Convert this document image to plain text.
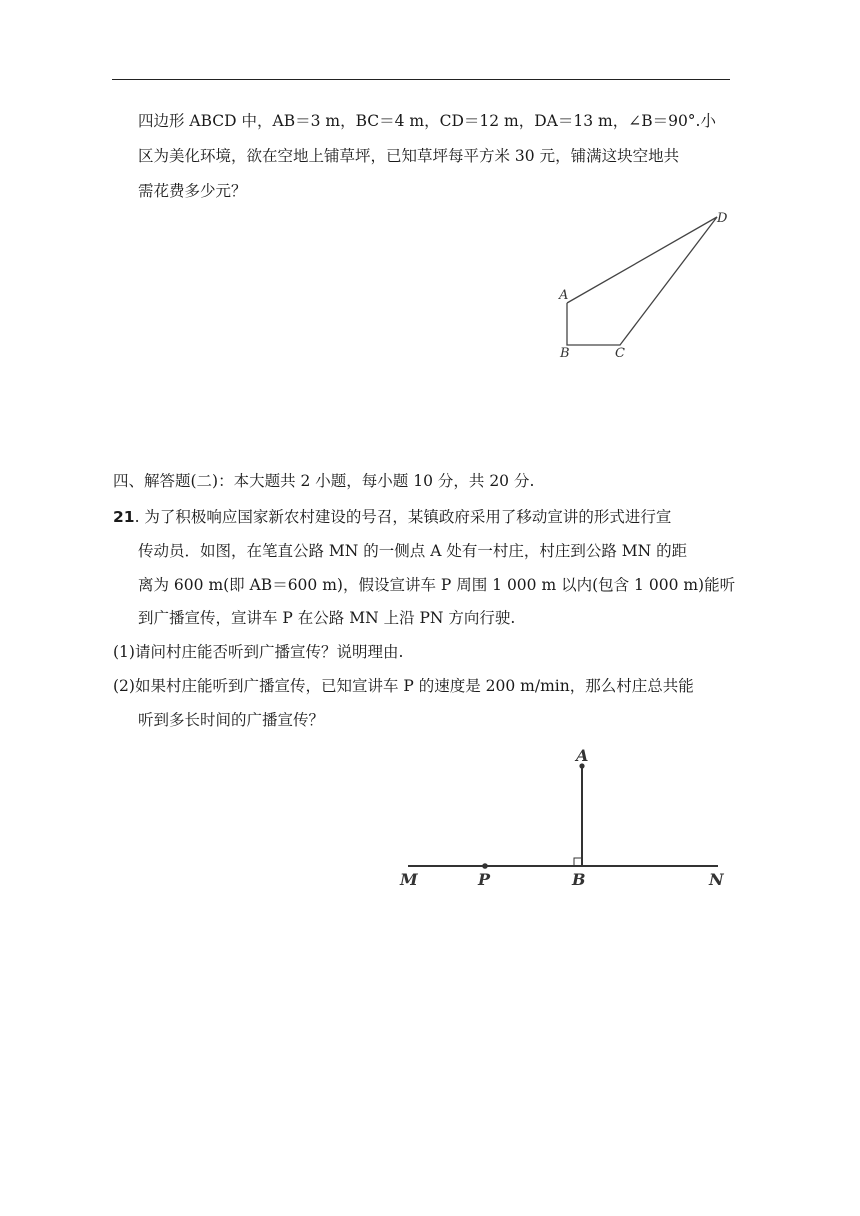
四边形 ABCD 中，AB＝3 m，BC＝4 m，CD＝12 m，DA＝13 m，∠B＝90°.小
区为美化环境，欲在空地上铺草坪，已知草坪每平方米 30 元，铺满这块空地共
需花费多少元？
A
B	C
D
四、解答题(二)：本大题共 2 小题，每小题 10 分，共 20 分.
21. 为了积极响应国家新农村建设的号召，某镇政府采用了移动宣讲的形式进行宣
传动员．如图，在笔直公路 MN 的一侧点 A 处有一村庄，村庄到公路 MN 的距
离为 600 m(即 AB＝600 m)，假设宣讲车 P 周围 1 000 m 以内(包含 1 000 m)能听
到广播宣传，宣讲车 P 在公路 MN 上沿 PN 方向行驶.
(1)请问村庄能否听到广播宣传？说明理由.
(2)如果村庄能听到广播宣传，已知宣讲车 P 的速度是 200 m/min，那么村庄总共能
听到多长时间的广播宣传？
A
M	P	B	N
